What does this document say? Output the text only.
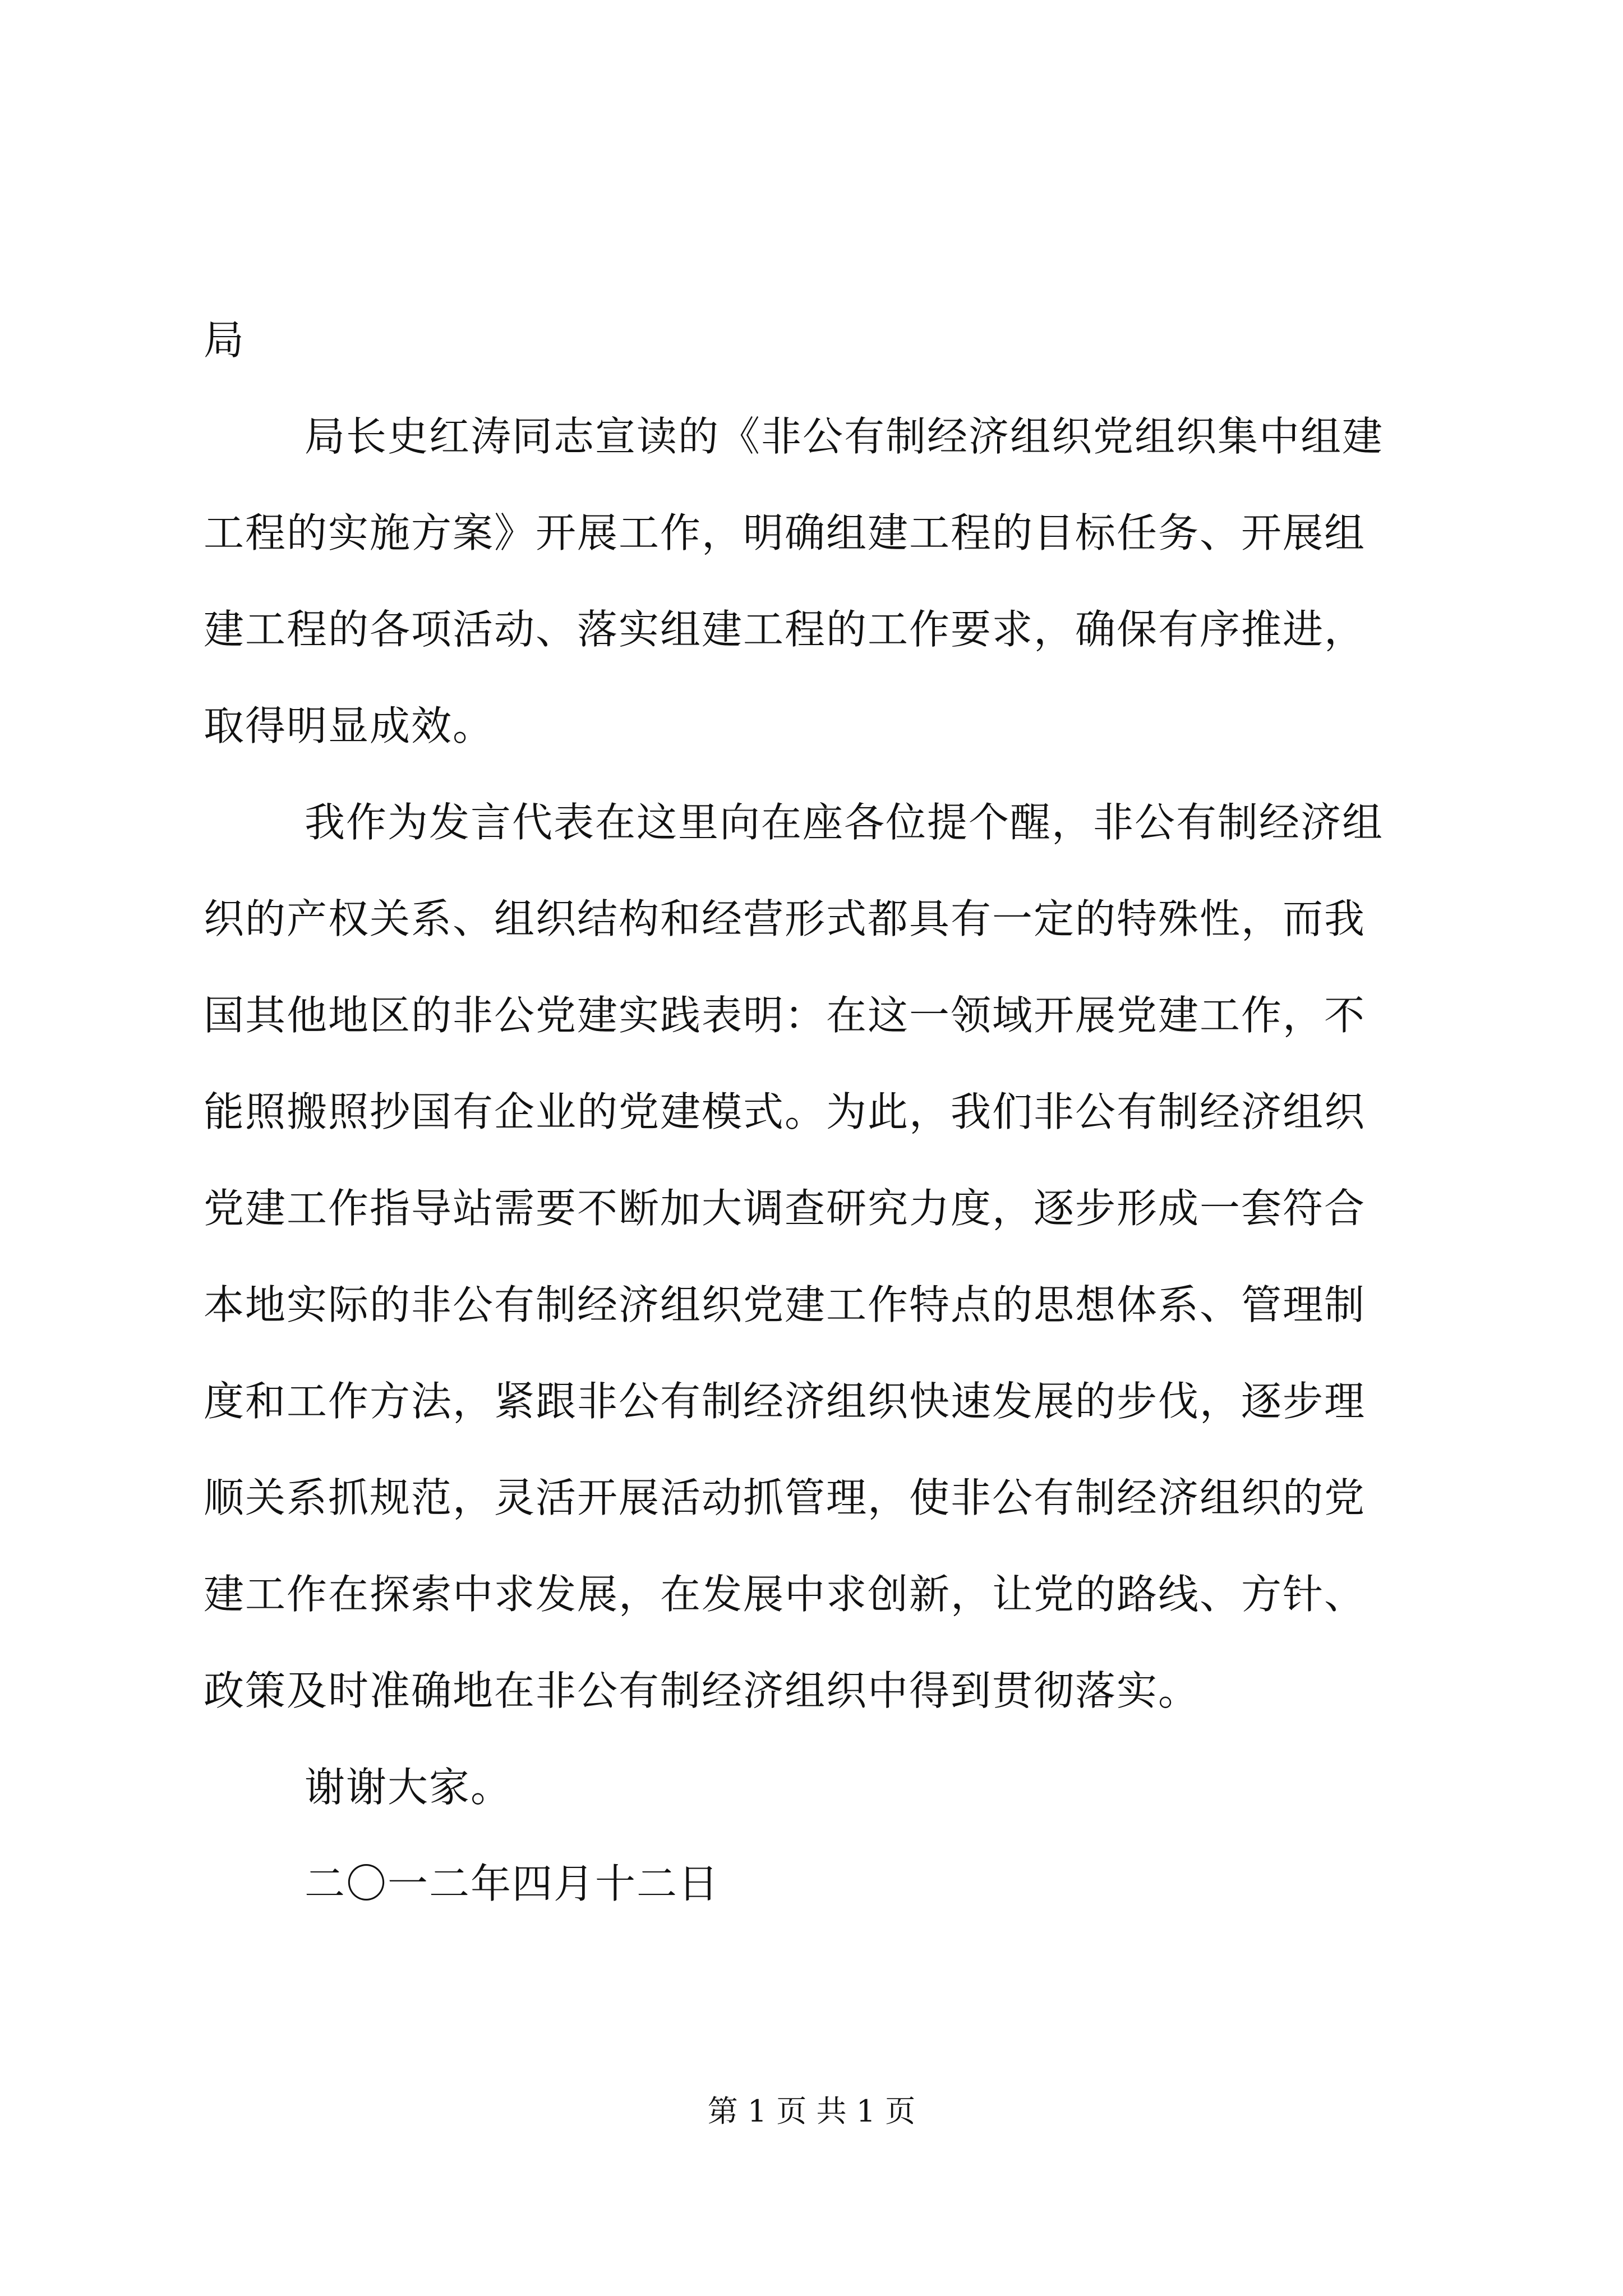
局
局长史红涛同志宣读的《非公有制经济组织党组织集中组建
工程的实施方案》开展工作，明确组建工程的目标任务、开展组
建工程的各项活动、落实组建工程的工作要求，确保有序推进，
取得明显成效。
我作为发言代表在这里向在座各位提个醒，非公有制经济组
织的产权关系、组织结构和经营形式都具有一定的特殊性，而我
国其他地区的非公党建实践表明：在这一领域开展党建工作，不
能照搬照抄国有企业的党建模式。为此，我们非公有制经济组织
党建工作指导站需要不断加大调查研究力度，逐步形成一套符合
本地实际的非公有制经济组织党建工作特点的思想体系、管理制
度和工作方法，紧跟非公有制经济组织快速发展的步伐，逐步理
顺关系抓规范，灵活开展活动抓管理，使非公有制经济组织的党
建工作在探索中求发展，在发展中求创新，让党的路线、方针、
政策及时准确地在非公有制经济组织中得到贯彻落实。
谢谢大家。
二〇一二年四月十二日
第 1 页 共 1 页
